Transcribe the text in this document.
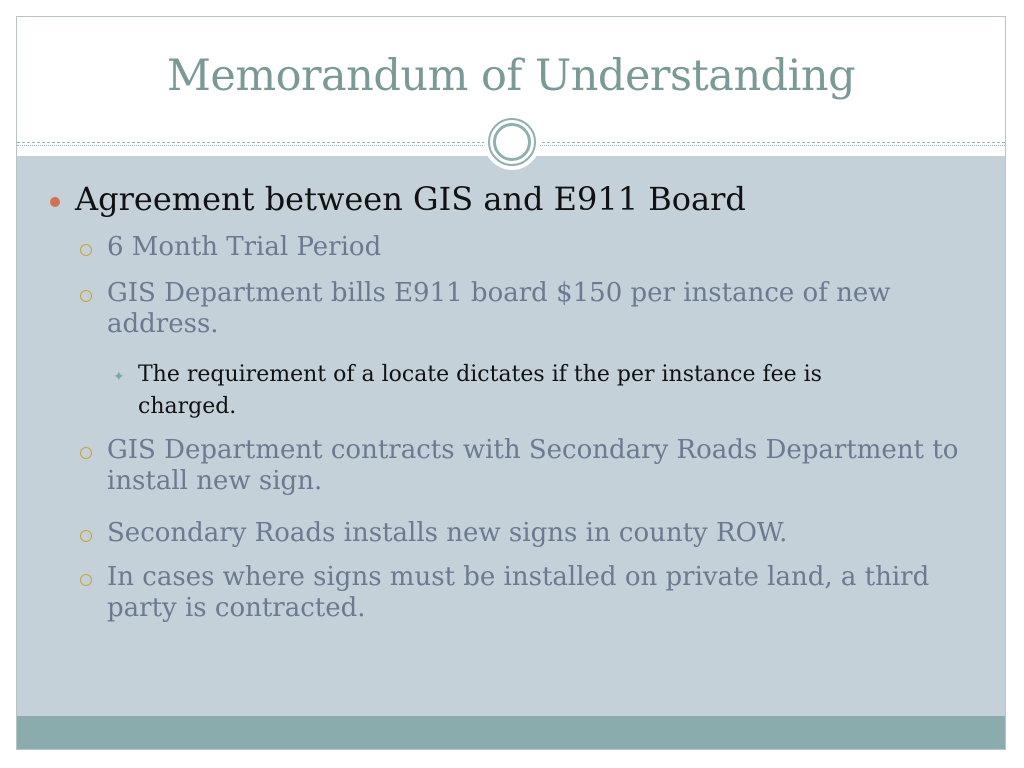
Memorandum of Understanding
Agreement between GIS and E911 Board
6 Month Trial Period
GIS Department bills E911 board $150 per instance of new address.
✦ The requirement of a locate dictates if the per instance fee is charged.
GIS Department contracts with Secondary Roads Department to install new sign.
Secondary Roads installs new signs in county ROW.
In cases where signs must be installed on private land, a third party is contracted.
